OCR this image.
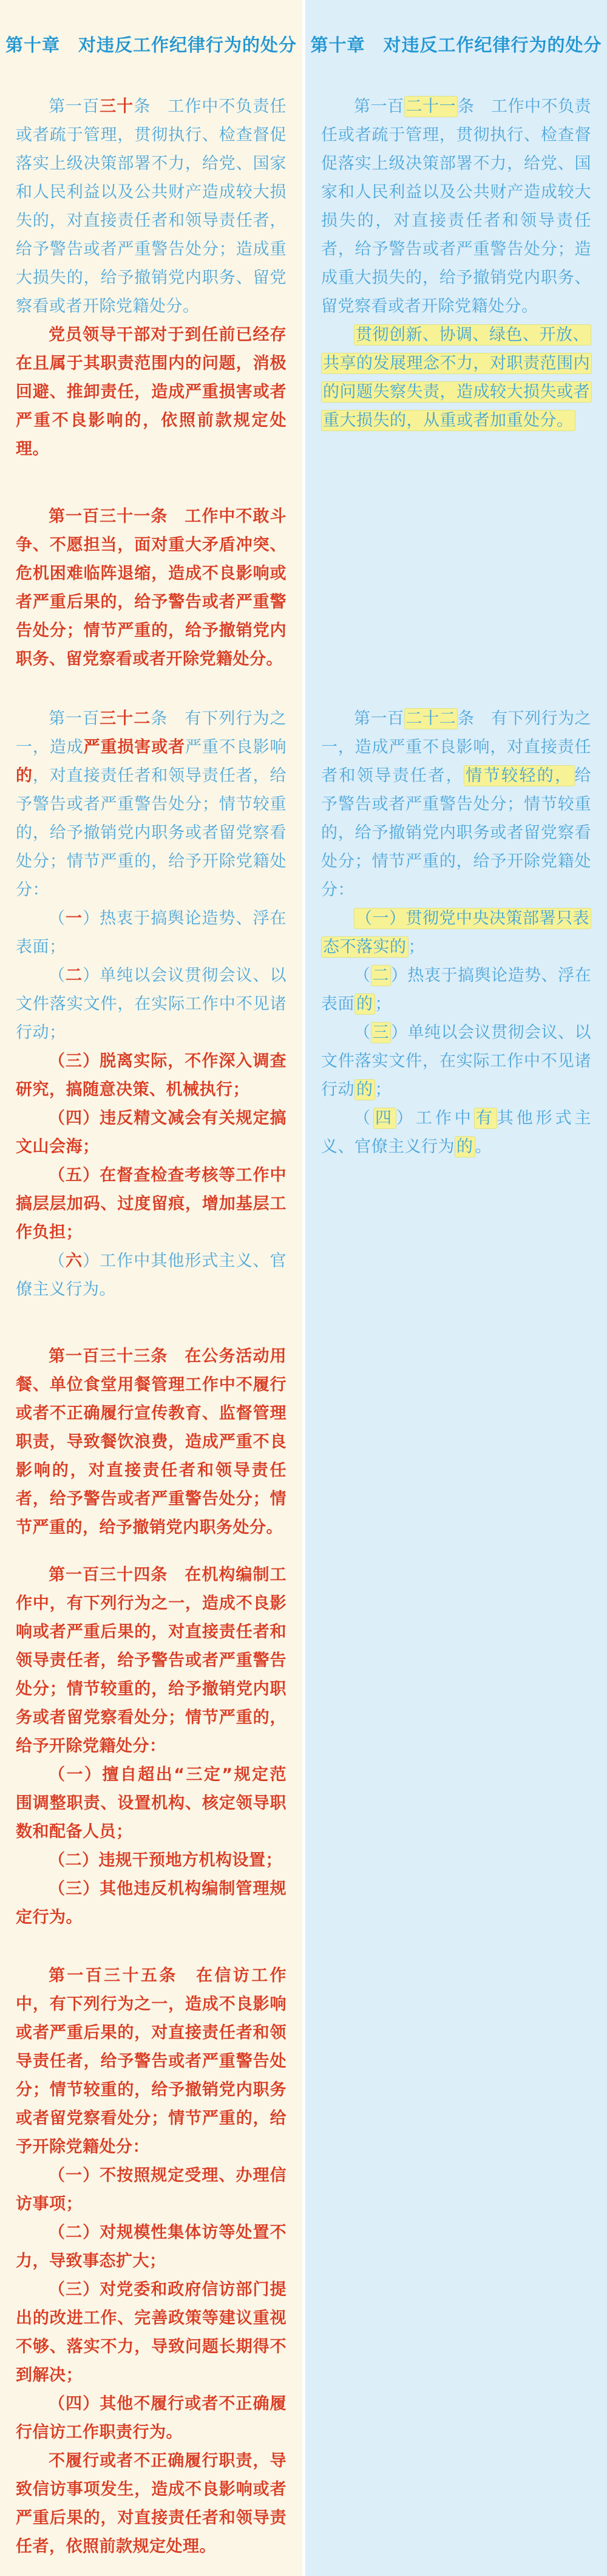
第十章　对违反工作纪律行为的处分

第一百三十条　工作中不负责任或者疏于管理，贯彻执行、检查督促落实上级决策部署不力，给党、国家和人民利益以及公共财产造成较大损失的，对直接责任者和领导责任者，给予警告或者严重警告处分；造成重大损失的，给予撤销党内职务、留党察看或者开除党籍处分。

党员领导干部对于到任前已经存在且属于其职责范围内的问题，消极回避、推卸责任，造成严重损害或者严重不良影响的，依照前款规定处理。

第一百三十一条　工作中不敢斗争、不愿担当，面对重大矛盾冲突、危机困难临阵退缩，造成不良影响或者严重后果的，给予警告或者严重警告处分；情节严重的，给予撤销党内职务、留党察看或者开除党籍处分。

第一百三十二条　有下列行为之一，造成严重损害或者严重不良影响的，对直接责任者和领导责任者，给予警告或者严重警告处分；情节较重的，给予撤销党内职务或者留党察看处分；情节严重的，给予开除党籍处分：

（一）热衷于搞舆论造势、浮在表面；

（二）单纯以会议贯彻会议、以文件落实文件，在实际工作中不见诸行动；

（三）脱离实际，不作深入调查研究，搞随意决策、机械执行；

（四）违反精文减会有关规定搞文山会海；

（五）在督查检查考核等工作中搞层层加码、过度留痕，增加基层工作负担；

（六）工作中其他形式主义、官僚主义行为。

第一百三十三条　在公务活动用餐、单位食堂用餐管理工作中不履行或者不正确履行宣传教育、监督管理职责，导致餐饮浪费，造成严重不良影响的，对直接责任者和领导责任者，给予警告或者严重警告处分；情节严重的，给予撤销党内职务处分。

第一百三十四条　在机构编制工作中，有下列行为之一，造成不良影响或者严重后果的，对直接责任者和领导责任者，给予警告或者严重警告处分；情节较重的，给予撤销党内职务或者留党察看处分；情节严重的，给予开除党籍处分：

（一）擅自超出“三定”规定范围调整职责、设置机构、核定领导职数和配备人员；

（二）违规干预地方机构设置；

（三）其他违反机构编制管理规定行为。

第一百三十五条　在信访工作中，有下列行为之一，造成不良影响或者严重后果的，对直接责任者和领导责任者，给予警告或者严重警告处分；情节较重的，给予撤销党内职务或者留党察看处分；情节严重的，给予开除党籍处分：

（一）不按照规定受理、办理信访事项；

（二）对规模性集体访等处置不力，导致事态扩大；

（三）对党委和政府信访部门提出的改进工作、完善政策等建议重视不够、落实不力，导致问题长期得不到解决；

（四）其他不履行或者不正确履行信访工作职责行为。

不履行或者不正确履行职责，导致信访事项发生，造成不良影响或者严重后果的，对直接责任者和领导责任者，依照前款规定处理。

第十章　对违反工作纪律行为的处分

第一百 二十一 条　工作中不负责任或者疏于管理，贯彻执行、检查督促落实上级决策部署不力，给党、国家和人民利益以及公共财产造成较大损失的，对直接责任者和领导责任者，给予警告或者严重警告处分；造成重大损失的，给予撤销党内职务、留党察看或者开除党籍处分。

贯彻创新、协调、绿色、开放、共享的发展理念不力，对职责范围内的问题失察失责，造成较大损失或者重大损失的，从重或者加重处分。

第一百 二十二 条　有下列行为之一，造成严重不良影响，对直接责任者和领导责任者， 情节较轻的， 给予警告或者严重警告处分；情节较重的，给予撤销党内职务或者留党察看处分；情节严重的，给予开除党籍处分：

（一）贯彻党中央决策部署只表态不落实的 ；

（ 二 ）热衷于搞舆论造势、浮在表面 的 ；

（ 三 ）单纯以会议贯彻会议、以文件落实文件，在实际工作中不见诸行动 的 ；

（ 四 ）工作中 有 其他形式主义、官僚主义行为 的 。
